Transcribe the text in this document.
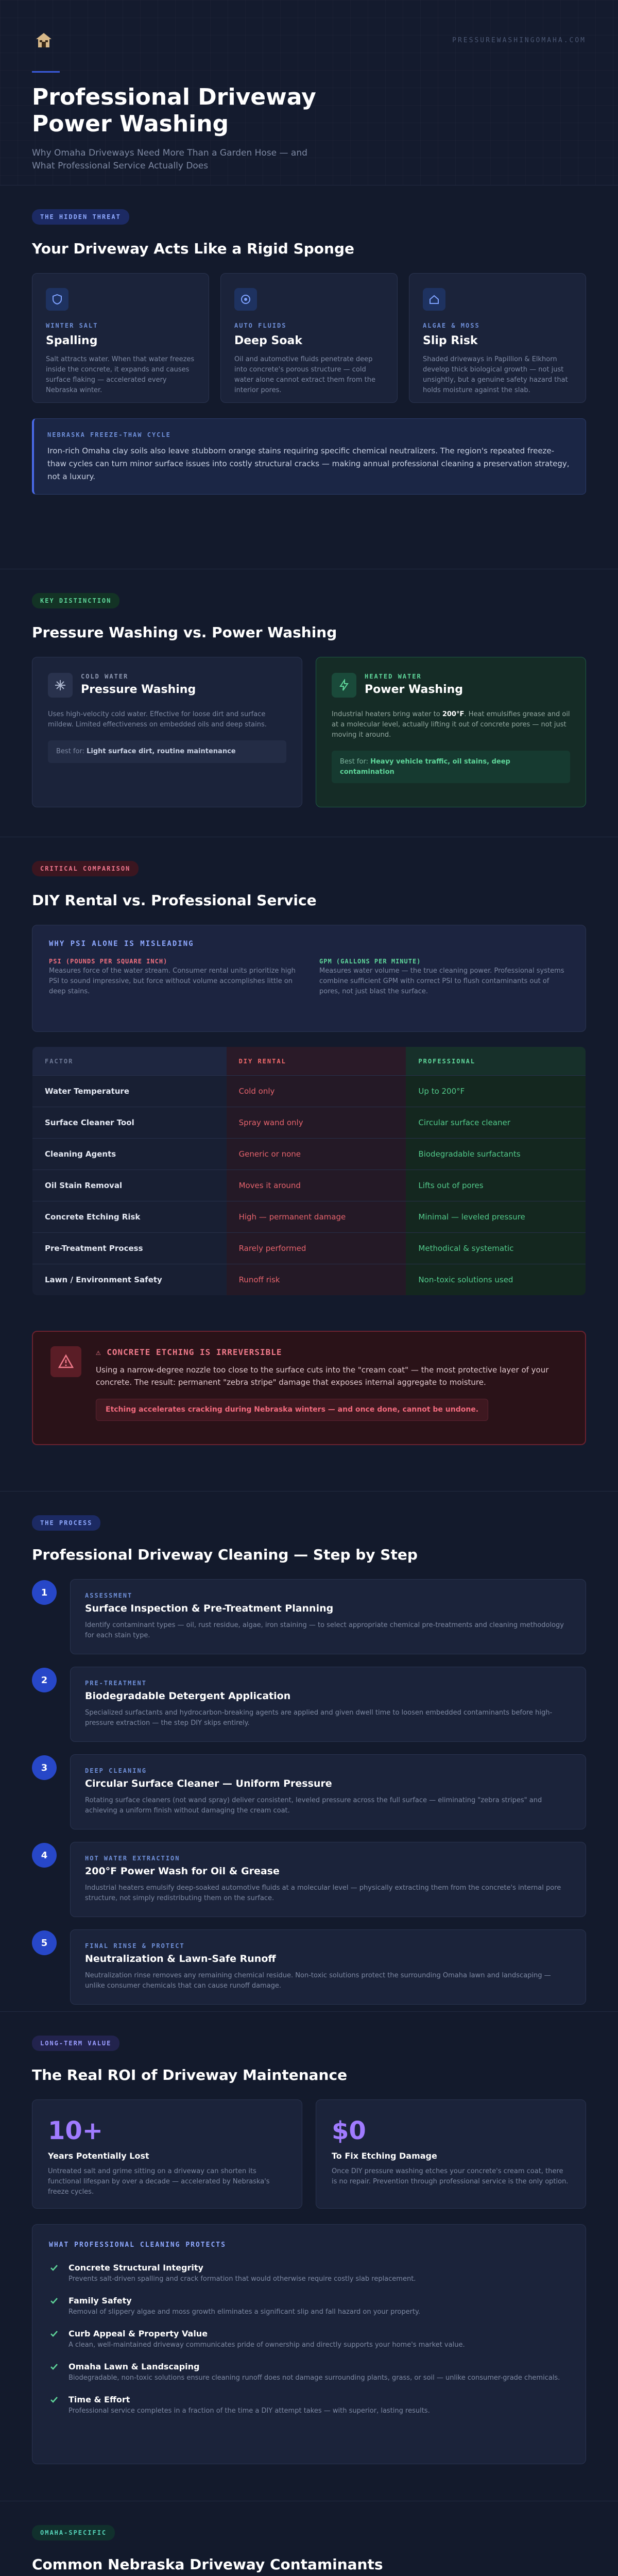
PRESSUREWASHINGOMAHA.COM
Professional Driveway
Power Washing

Why Omaha Driveways Need More Than a Garden Hose — and What Professional Service Actually Does

THE HIDDEN THREAT
Your Driveway Acts Like a Rigid Sponge
WINTER SALT
Spalling

Salt attracts water. When that water freezes inside the concrete, it expands and causes surface flaking — accelerated every Nebraska winter.

AUTO FLUIDS
Deep Soak

Oil and automotive fluids penetrate deep into concrete's porous structure — cold water alone cannot extract them from the interior pores.

ALGAE & MOSS
Slip Risk

Shaded driveways in Papillion & Elkhorn develop thick biological growth — not just unsightly, but a genuine safety hazard that holds moisture against the slab.

NEBRASKA FREEZE-THAW CYCLE

Iron-rich Omaha clay soils also leave stubborn orange stains requiring specific chemical neutralizers. The region's repeated freeze-thaw cycles can turn minor surface issues into costly structural cracks — making annual professional cleaning a preservation strategy, not a luxury.

KEY DISTINCTION
Pressure Washing vs. Power Washing
COLD WATER
Pressure Washing

Uses high-velocity cold water. Effective for loose dirt and surface mildew. Limited effectiveness on embedded oils and deep stains.

Best for: Light surface dirt, routine maintenance
HEATED WATER
Power Washing

Industrial heaters bring water to 200°F. Heat emulsifies grease and oil at a molecular level, actually lifting it out of concrete pores — not just moving it around.

Best for: Heavy vehicle traffic, oil stains, deep contamination
CRITICAL COMPARISON
DIY Rental vs. Professional Service
WHY PSI ALONE IS MISLEADING
PSI (POUNDS PER SQUARE INCH)

Measures force of the water stream. Consumer rental units prioritize high PSI to sound impressive, but force without volume accomplishes little on deep stains.

GPM (GALLONS PER MINUTE)

Measures water volume — the true cleaning power. Professional systems combine sufficient GPM with correct PSI to flush contaminants out of pores, not just blast the surface.

FACTOR	DIY RENTAL	PROFESSIONAL
Water Temperature	Cold only	Up to 200°F
Surface Cleaner Tool	Spray wand only	Circular surface cleaner
Cleaning Agents	Generic or none	Biodegradable surfactants
Oil Stain Removal	Moves it around	Lifts out of pores
Concrete Etching Risk	High — permanent damage	Minimal — leveled pressure
Pre-Treatment Process	Rarely performed	Methodical & systematic
Lawn / Environment Safety	Runoff risk	Non-toxic solutions used
⚠ CONCRETE ETCHING IS IRREVERSIBLE

Using a narrow-degree nozzle too close to the surface cuts into the "cream coat" — the most protective layer of your concrete. The result: permanent "zebra stripe" damage that exposes internal aggregate to moisture.

Etching accelerates cracking during Nebraska winters — and once done, cannot be undone.
THE PROCESS
Professional Driveway Cleaning — Step by Step
1	ASSESSMENT
Surface Inspection & Pre-Treatment Planning

Identify contaminant types — oil, rust residue, algae, iron staining — to select appropriate chemical pre-treatments and cleaning methodology for each stain type.

2	PRE-TREATMENT
Biodegradable Detergent Application

Specialized surfactants and hydrocarbon-breaking agents are applied and given dwell time to loosen embedded contaminants before high-pressure extraction — the step DIY skips entirely.

3	DEEP CLEANING
Circular Surface Cleaner — Uniform Pressure

Rotating surface cleaners (not wand spray) deliver consistent, leveled pressure across the full surface — eliminating "zebra stripes" and achieving a uniform finish without damaging the cream coat.

4	HOT WATER EXTRACTION
200°F Power Wash for Oil & Grease

Industrial heaters emulsify deep-soaked automotive fluids at a molecular level — physically extracting them from the concrete's internal pore structure, not simply redistributing them on the surface.

5	FINAL RINSE & PROTECT
Neutralization & Lawn-Safe Runoff

Neutralization rinse removes any remaining chemical residue. Non-toxic solutions protect the surrounding Omaha lawn and landscaping — unlike consumer chemicals that can cause runoff damage.

LONG-TERM VALUE
The Real ROI of Driveway Maintenance
10+
Years Potentially Lost

Untreated salt and grime sitting on a driveway can shorten its functional lifespan by over a decade — accelerated by Nebraska's freeze cycles.

$0
To Fix Etching Damage

Once DIY pressure washing etches your concrete's cream coat, there is no repair. Prevention through professional service is the only option.

WHAT PROFESSIONAL CLEANING PROTECTS
Concrete Structural Integrity

Prevents salt-driven spalling and crack formation that would otherwise require costly slab replacement.

Family Safety

Removal of slippery algae and moss growth eliminates a significant slip and fall hazard on your property.

Curb Appeal & Property Value

A clean, well-maintained driveway communicates pride of ownership and directly supports your home's market value.

Omaha Lawn & Landscaping

Biodegradable, non-toxic solutions ensure cleaning runoff does not damage surrounding plants, grass, or soil — unlike consumer-grade chemicals.

Time & Effort

Professional service completes in a fraction of the time a DIY attempt takes — with superior, lasting results.

OMAHA-SPECIFIC
Common Nebraska Driveway Contaminants
